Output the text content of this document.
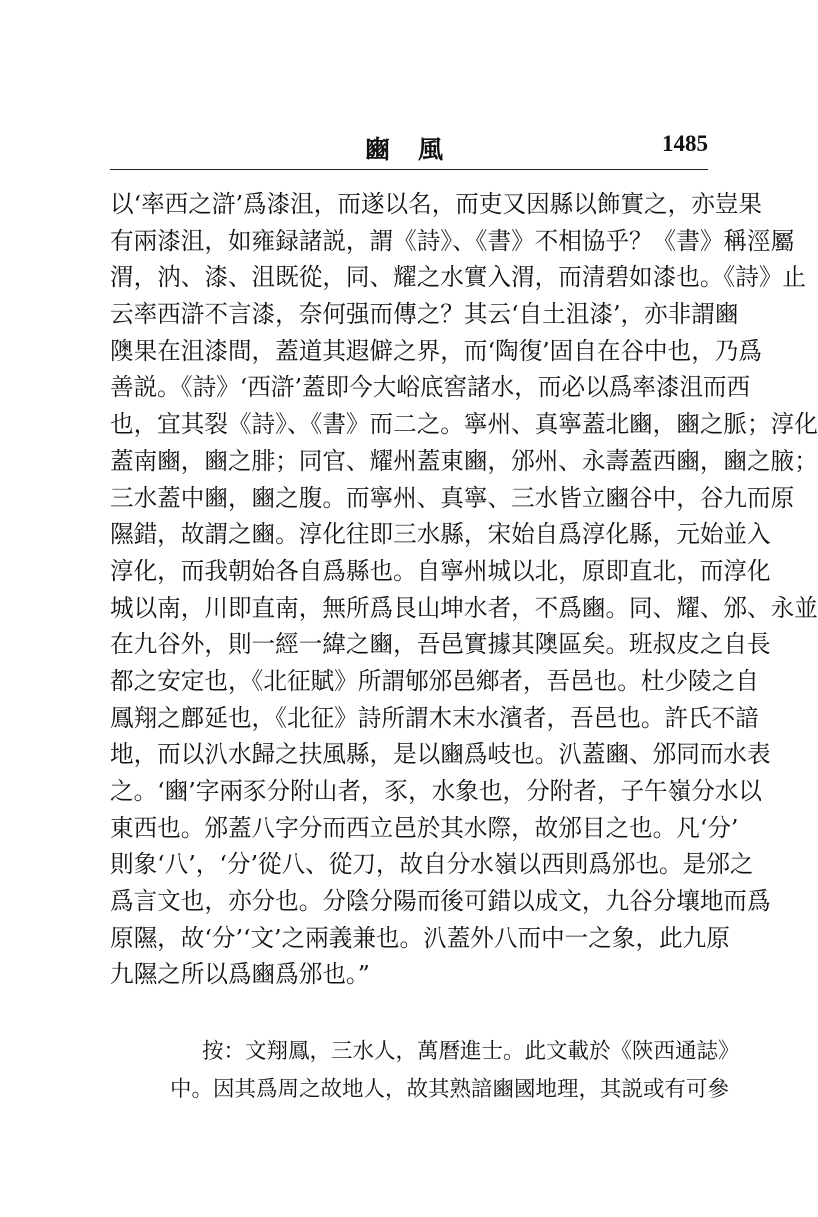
豳風	1485
以‘率西之滸’爲漆沮，而遂以名，而吏又因縣以飾實之，亦豈果
有兩漆沮，如雍録諸説，謂《詩》、《書》不相協乎？《書》稱涇屬
渭，汭、漆、沮既從，同、耀之水實入渭，而清碧如漆也。《詩》止
云率西滸不言漆，奈何强而傳之？其云‘自土沮漆’，亦非謂豳
隩果在沮漆間，蓋道其遐僻之界，而‘陶復’固自在谷中也，乃爲
善説。《詩》‘西滸’蓋即今大峪底窖諸水，而必以爲率漆沮而西
也，宜其裂《詩》、《書》而二之。寧州、真寧蓋北豳，豳之脈；淳化
蓋南豳，豳之腓；同官、耀州蓋東豳，邠州、永壽蓋西豳，豳之腋；
三水蓋中豳，豳之腹。而寧州、真寧、三水皆立豳谷中，谷九而原
隰錯，故謂之豳。淳化往即三水縣，宋始自爲淳化縣，元始並入
淳化，而我朝始各自爲縣也。自寧州城以北，原即直北，而淳化
城以南，川即直南，無所爲艮山坤水者，不爲豳。同、耀、邠、永並
在九谷外，則一經一緯之豳，吾邑實據其隩區矣。班叔皮之自長
都之安定也，《北征賦》所謂郇邠邑鄉者，吾邑也。杜少陵之自
鳳翔之鄜延也，《北征》詩所謂木末水濱者，吾邑也。許氏不諳
地，而以汃水歸之扶風縣，是以豳爲岐也。汃蓋豳、邠同而水表
之。‘豳’字兩豕分附山者，豕，水象也，分附者，子午嶺分水以
東西也。邠蓋八字分而西立邑於其水際，故邠目之也。凡‘分’
則象‘八’，‘分’從八、從刀，故自分水嶺以西則爲邠也。是邠之
爲言文也，亦分也。分陰分陽而後可錯以成文，九谷分壤地而爲
原隰，故‘分’‘文’之兩義兼也。汃蓋外八而中一之象，此九原
九隰之所以爲豳爲邠也。”
按：文翔鳳，三水人，萬曆進士。此文載於《陝西通誌》
中。因其爲周之故地人，故其熟諳豳國地理，其説或有可參
